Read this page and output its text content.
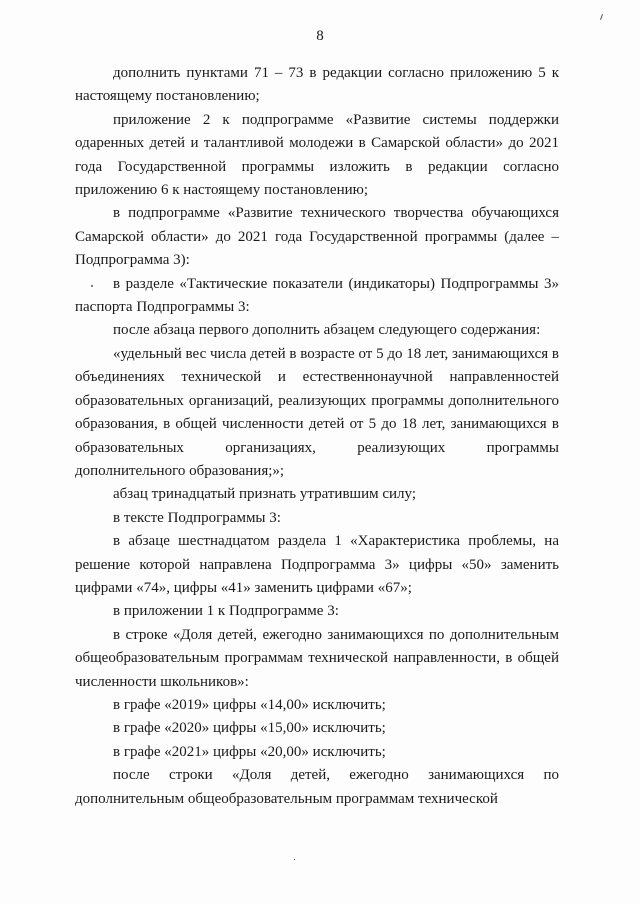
8

дополнить пунктами 71 – 73 в редакции согласно приложению 5 к настоящему постановлению;

приложение 2 к подпрограмме «Развитие системы поддержки одаренных детей и талантливой молодежи в Самарской области» до 2021 года Государственной программы изложить в редакции согласно приложению 6 к настоящему постановлению;

в подпрограмме «Развитие технического творчества обучающихся Самарской области» до 2021 года Государственной программы (далее – Подпрограмма 3):

в разделе «Тактические показатели (индикаторы) Подпрограммы 3» паспорта Подпрограммы 3:

после абзаца первого дополнить абзацем следующего содержания:

«удельный вес числа детей в возрасте от 5 до 18 лет, занимающихся в объединениях технической и естественнонаучной направленностей образовательных организаций, реализующих программы дополнительного образования, в общей численности детей от 5 до 18 лет, занимающихся в образовательных организациях, реализующих программы дополнительного образования;»;

абзац тринадцатый признать утратившим силу;

в тексте Подпрограммы 3:

в абзаце шестнадцатом раздела 1 «Характеристика проблемы, на решение которой направлена Подпрограмма 3» цифры «50» заменить цифрами «74», цифры «41» заменить цифрами «67»;

в приложении 1 к Подпрограмме 3:

в строке «Доля детей, ежегодно занимающихся по дополнительным общеобразовательным программам технической направленности, в общей численности школьников»:

в графе «2019» цифры «14,00» исключить;

в графе «2020» цифры «15,00» исключить;

в графе «2021» цифры «20,00» исключить;

после строки «Доля детей, ежегодно занимающихся по дополнительным общеобразовательным программам технической
